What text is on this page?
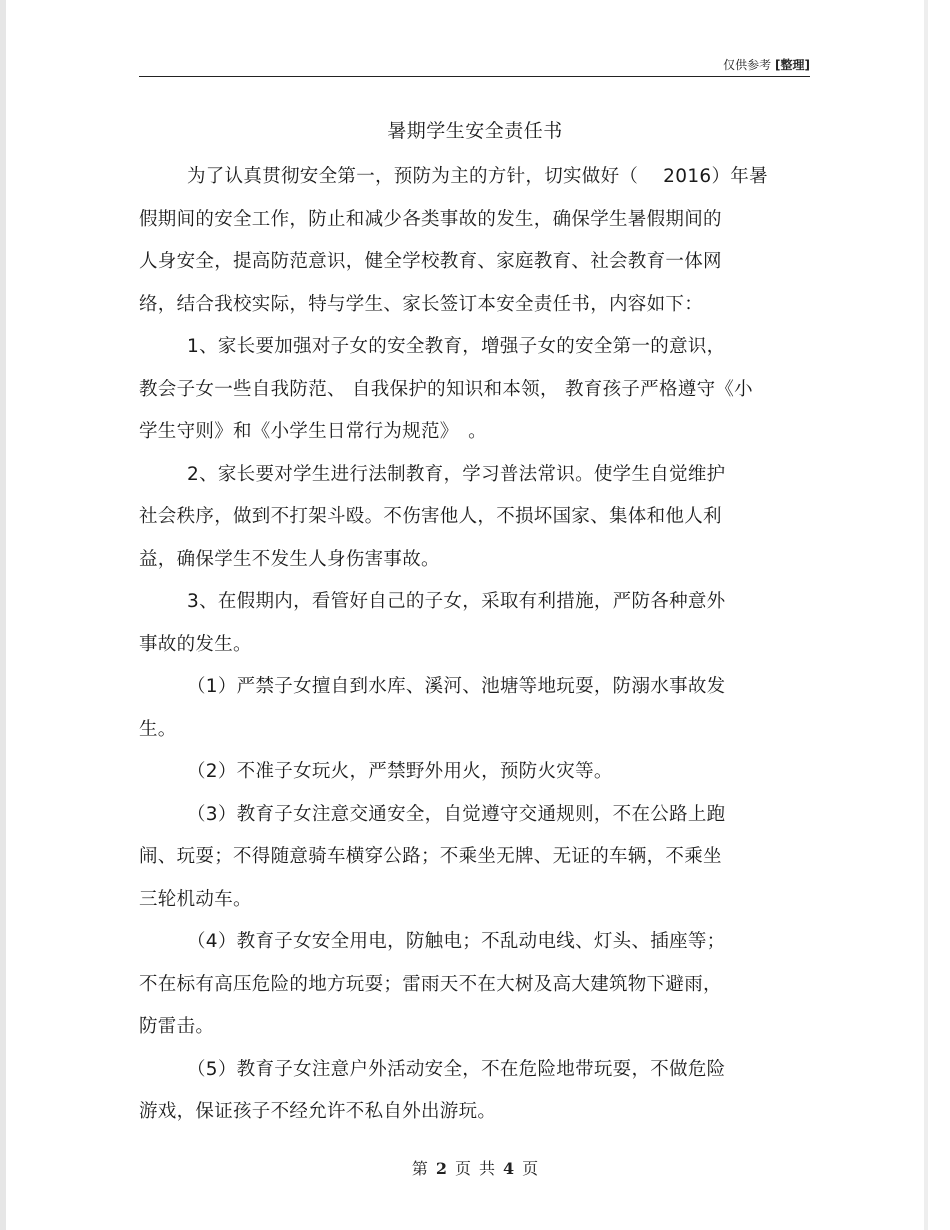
仅供参考 [整理]
暑期学生安全责任书
为了认真贯彻安全第一，预防为主的方针，切实做好（　 2016）年暑
假期间的安全工作，防止和减少各类事故的发生，确保学生暑假期间的
人身安全，提高防范意识，健全学校教育、家庭教育、社会教育一体网
络，结合我校实际，特与学生、家长签订本安全责任书，内容如下：
1、家长要加强对子女的安全教育，增强子女的安全第一的意识，
教会子女一些自我防范、 自我保护的知识和本领， 教育孩子严格遵守《小
学生守则》和《小学生日常行为规范》　。
2、家长要对学生进行法制教育，学习普法常识。使学生自觉维护
社会秩序，做到不打架斗殴。不伤害他人，不损坏国家、集体和他人利
益，确保学生不发生人身伤害事故。
3、在假期内，看管好自己的子女，采取有利措施，严防各种意外
事故的发生。
（1）严禁子女擅自到水库、溪河、池塘等地玩耍，防溺水事故发
生。
（2）不准子女玩火，严禁野外用火，预防火灾等。
（3）教育子女注意交通安全，自觉遵守交通规则，不在公路上跑
闹、玩耍；不得随意骑车横穿公路；不乘坐无牌、无证的车辆，不乘坐
三轮机动车。
（4）教育子女安全用电，防触电；不乱动电线、灯头、插座等；
不在标有高压危险的地方玩耍；雷雨天不在大树及高大建筑物下避雨，
防雷击。
（5）教育子女注意户外活动安全，不在危险地带玩耍，不做危险
游戏，保证孩子不经允许不私自外出游玩。
第 2 页 共 4 页
